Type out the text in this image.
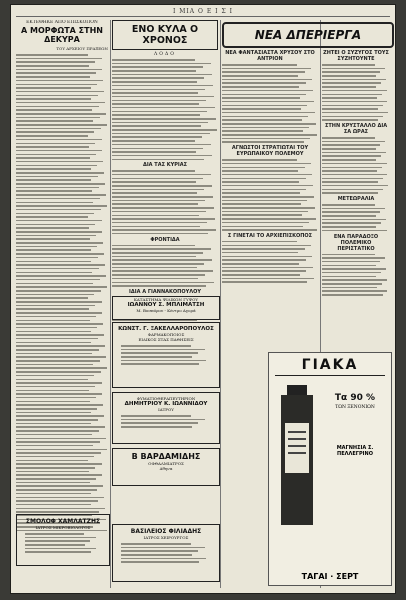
Ι ΜΙΑ Ο Ε Ι Σ Ι
ΕΚΤΕΘΗΚΕ ΑΠΟ ΕΠΙΣΚΟΠΟΝ
Α ΜΟΡΦΩΤΑ ΣΤΗΝ ΔΕΚΥΡΑ
ΤΟΥ ΑΡΧΕΙΟΥ ΠΡΑΞΕΩΝ
ΕΝΟ ΚΥΛΑ Ο ΧΡΟΝΟΣ
ΛΟΔΟ
ΔΙΑ ΤΑΣ ΚΥΡΙΑΣ
ΦΡΟΝΤΙΔΑ
ΙΔΙΑ Α ΓΙΑΝΝΑΚΟΠΟΥΛΟΥ
ΝΕΑ ΦΑΝΤΑΣΙΑΣΤΑ ΧΡΥΣΟΥ ΣΤΟ ΑΝΤΡΙΟΝ
ΑΓΝΩΣΤΟΙ ΣΤΡΑΤΙΩΤΑΙ ΤΟΥ ΕΥΡΩΠΑΙΚΟΥ ΠΟΛΕΜΟΥ
Σ ΓΙΝΕΤΑΙ ΤΟ ΑΡΧΙΕΠΙΣΚΟΠΟΣ
ΖΗΤΕΙ Ο ΣΥΖΥΓΟΣ ΤΟΥΣ ΣΥΖΗΤΟΥΝΤΕ
ΣΤΗΝ ΚΡΥΣΤΑΛΛΟ ΔΙΑ ΣΑ ΩΡΑΣ
ΜΕΤΕΩΡΑΛΙΑ
ΕΝΑ ΠΑΡΑΔΟΞΟ ΠΟΛΕΜΙΚΟ ΠΕΡΙΣΤΑΤΙΚΟ
ΝΕΑ ΔΠΕΡΙΕΡΓΑ
ΚΑΤΑΣΤΗΜΑ ΨΙΛΙΚΩΝ ΓΥΨΟΥ
ΙΩΑΝΝΟΥ Σ. ΜΠΛΙΜΑΤΣΗ
Μ. Βοσπόρου - Κέντρο Αγορά
ΚΩΝΣΤ. Γ. ΞΑΚΕΛΛΑΡΟΠΟΥΛΟΣ
ΦΑΡΜΑΚΟΠΟΙΟΣ
ΕΙΔΙΚΟΣ ΣΤΑΣ ΠΑΘΗΣΕΙΣ
ΦΥΜΑΤΙΟΘΕΡΑΠΕΥΤΗΡΙΟΝ
ΔΗΜΗΤΡΙΟΥ Κ. ΙΩΑΝΝΙΔΟΥ
ΙΑΤΡΟΥ
Β ΒΑΡΔΑΜΙΔΗΣ
ΟΦΘΑΛΜΙΑΤΡΟΣ
Αθηνα
ΒΑΣΙΛΕΙΟΣ ΦΙΛΙΑΔΗΣ
ΙΑΤΡΟΣ ΧΕΙΡΟΥΡΓΟΣ
ΣΜΟΛΟΦ ΧΑΜΛΑΤΖΗΣ
ΙΑΤΡΟΣ ΜΙΚΡΟΒΙΟΛΟΓΟΣ
ΓΙΑΚΑ
Τα 90 %
ΤΩΝ ΞΕΝΟΝΙΩΝ
ΜΑΓΝΗΣΙΑ Σ. ΠΕΛΛΕΓΡΙΝΟ
ΤΑΓΑΙ · ΣΕΡΤ
